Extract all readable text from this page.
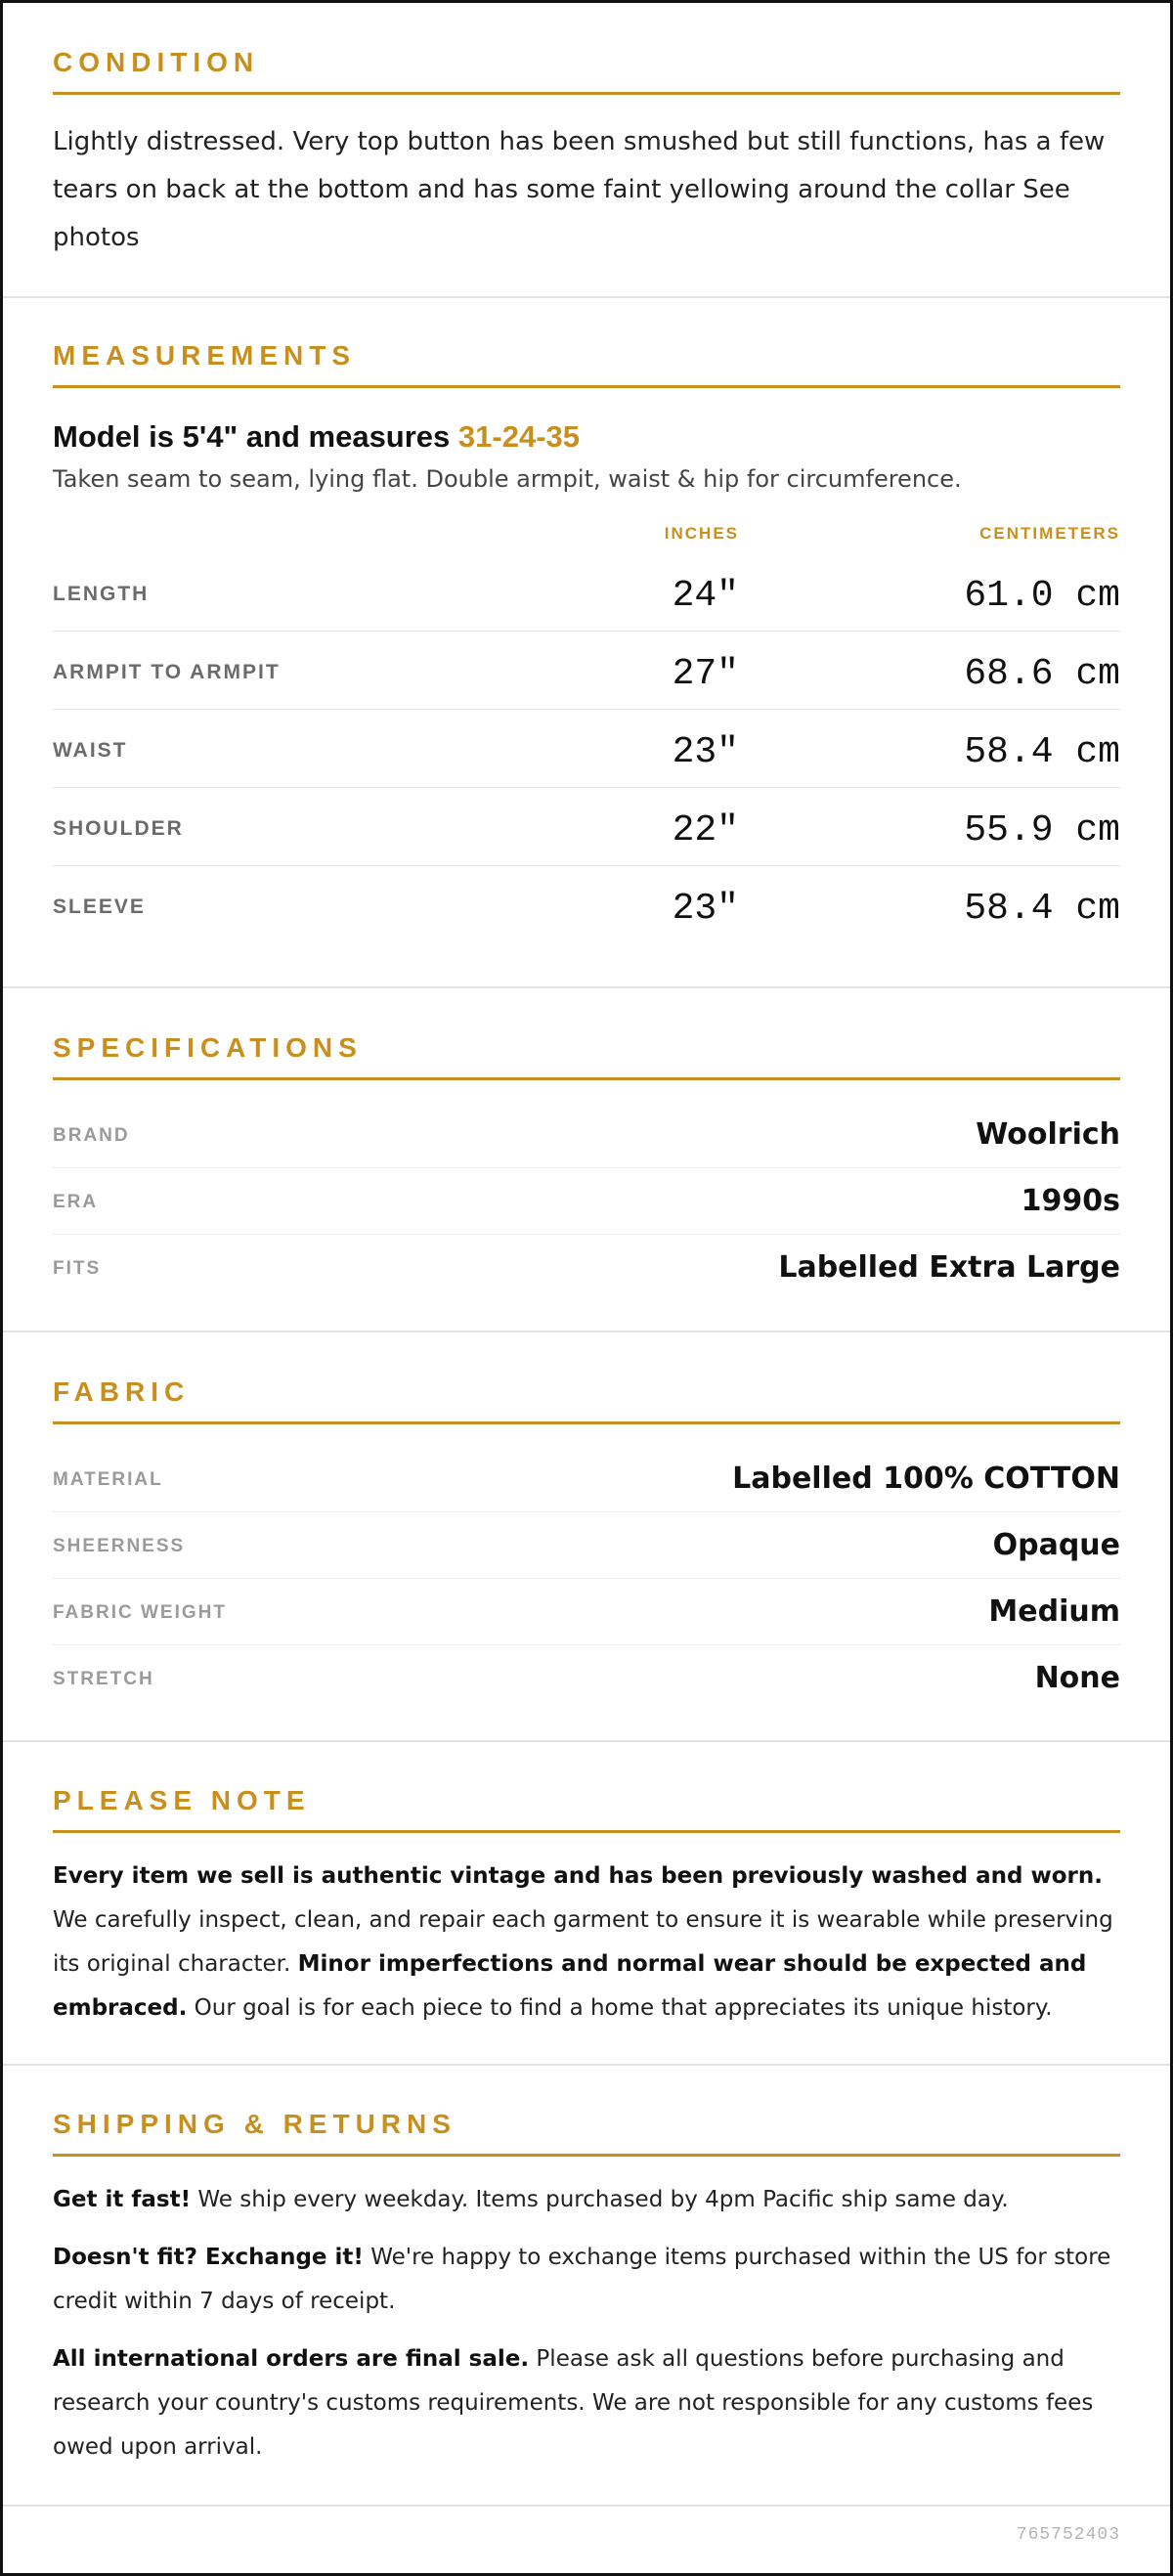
CONDITION
Lightly distressed. Very top button has been smushed but still functions, has a few tears on back at the bottom and has some faint yellowing around the collar See photos
MEASUREMENTS
Model is 5'4" and measures 31-24-35
Taken seam to seam, lying flat. Double armpit, waist & hip for circumference.
INCHES	CENTIMETERS
LENGTH	24"	61.0 cm
ARMPIT TO ARMPIT	27"	68.6 cm
WAIST	23"	58.4 cm
SHOULDER	22"	55.9 cm
SLEEVE	23"	58.4 cm
SPECIFICATIONS
BRAND	Woolrich
ERA	1990s
FITS	Labelled Extra Large
FABRIC
MATERIAL	Labelled 100% COTTON
SHEERNESS	Opaque
FABRIC WEIGHT	Medium
STRETCH	None
PLEASE NOTE

Every item we sell is authentic vintage and has been previously washed and worn. We carefully inspect, clean, and repair each garment to ensure it is wearable while preserving its original character. Minor imperfections and normal wear should be expected and embraced. Our goal is for each piece to find a home that appreciates its unique history.

SHIPPING & RETURNS

Get it fast! We ship every weekday. Items purchased by 4pm Pacific ship same day.

Doesn't fit? Exchange it! We're happy to exchange items purchased within the US for store credit within 7 days of receipt.

All international orders are final sale. Please ask all questions before purchasing and research your country's customs requirements. We are not responsible for any customs fees owed upon arrival.

765752403
